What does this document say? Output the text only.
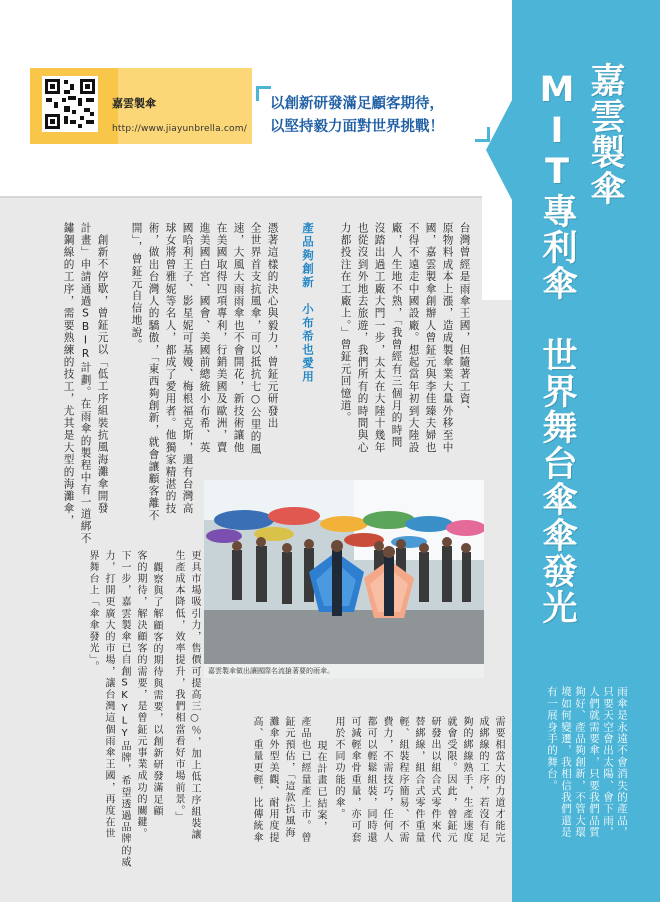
嘉雲製傘
http://www.jiayunbrella.com/
以創新研發滿足顧客期待，
以堅持毅力面對世界挑戰！	嘉雲製傘
MIT專利傘　世界舞台傘傘發光
雨傘是永遠不會消失的產品，
只要天空會出太陽、會下雨，
人們就需要傘，只要我們品質
夠好、產品夠創新，不管大環
境如何變遷，我相信我們還是
有一展身手的舞台。
嘉雲製傘做出讓國際名流搶著要的雨傘。
台灣曾經是雨傘王國，但隨著工資、
原物料成本上漲，造成製傘業大量外移至中
國，嘉雲製傘創辦人曾鉦元與李佳臻夫婦也
不得不遠走中國設廠。想起當年初到大陸設
廠，人生地不熟，「我曾經有三個月的時間
沒踏出過工廠大門一步，太太在大陸十幾年
也從沒到外地去旅遊，我們所有的時間與心
力都投注在工廠上。」曾鉦元回憶道。
產品夠創新　小布希也愛用
憑著這樣的決心與毅力，曾鉦元研發出
全世界首支抗風傘，可以抵抗七○公里的風
速，大風大雨雨傘也不會開花，新技術讓他
在美國取得四項專利，行銷美國及歐洲，賣
進美國白宮、國會、美國前總統小布希、英
國哈利王子、影星妮可基嫚、梅根福克斯，還有台灣高
球女將曾雅妮等名人，都成了愛用者。他獨家精湛的技
術，做出台灣人的驕傲，「東西夠創新，就會讓顧客離不
開」，曾鉦元自信地說。
創新不停歇，曾鉦元以「低工序組裝抗風海灘傘開發
計畫」申請通過SBIR計劃。在雨傘的製程中有一道綁不
鏽鋼線的工序，需要熟練的技工，尤其是大型的海灘傘，
需要相當大的力道才能完
成綁線的工序，若沒有足
夠的綁線熟手，生產速度
就會受限。因此，曾鉦元
研發出以組合式零件來代
替綁線，組合式零件重量
輕、組裝程序簡易、不需
費力，不需技巧，任何人
都可以輕鬆組裝，同時還
可減輕傘骨重量，亦可套
用於不同功能的傘。
現在計畫已結案，
產品也已經量產上市。曾
鉦元預估，「這款抗風海
灘傘外型美觀、耐用度提
高、重量更輕，比傳統傘
更具市場吸引力，售價可提高三○％，加上低工序組裝讓
生產成本降低，效率提升，我們相當看好市場前景。」
觀察與了解顧客的期待與需要，以創新研發滿足顧
客的期待，解決顧客的需要，是曾鉦元事業成功的關鍵。
下一步，嘉雲製傘已自創SKYLY品牌，希望透過品牌的威
力，打開更廣大的市場，讓台灣這個雨傘王國，再度在世
界舞台上「傘傘發光」。
